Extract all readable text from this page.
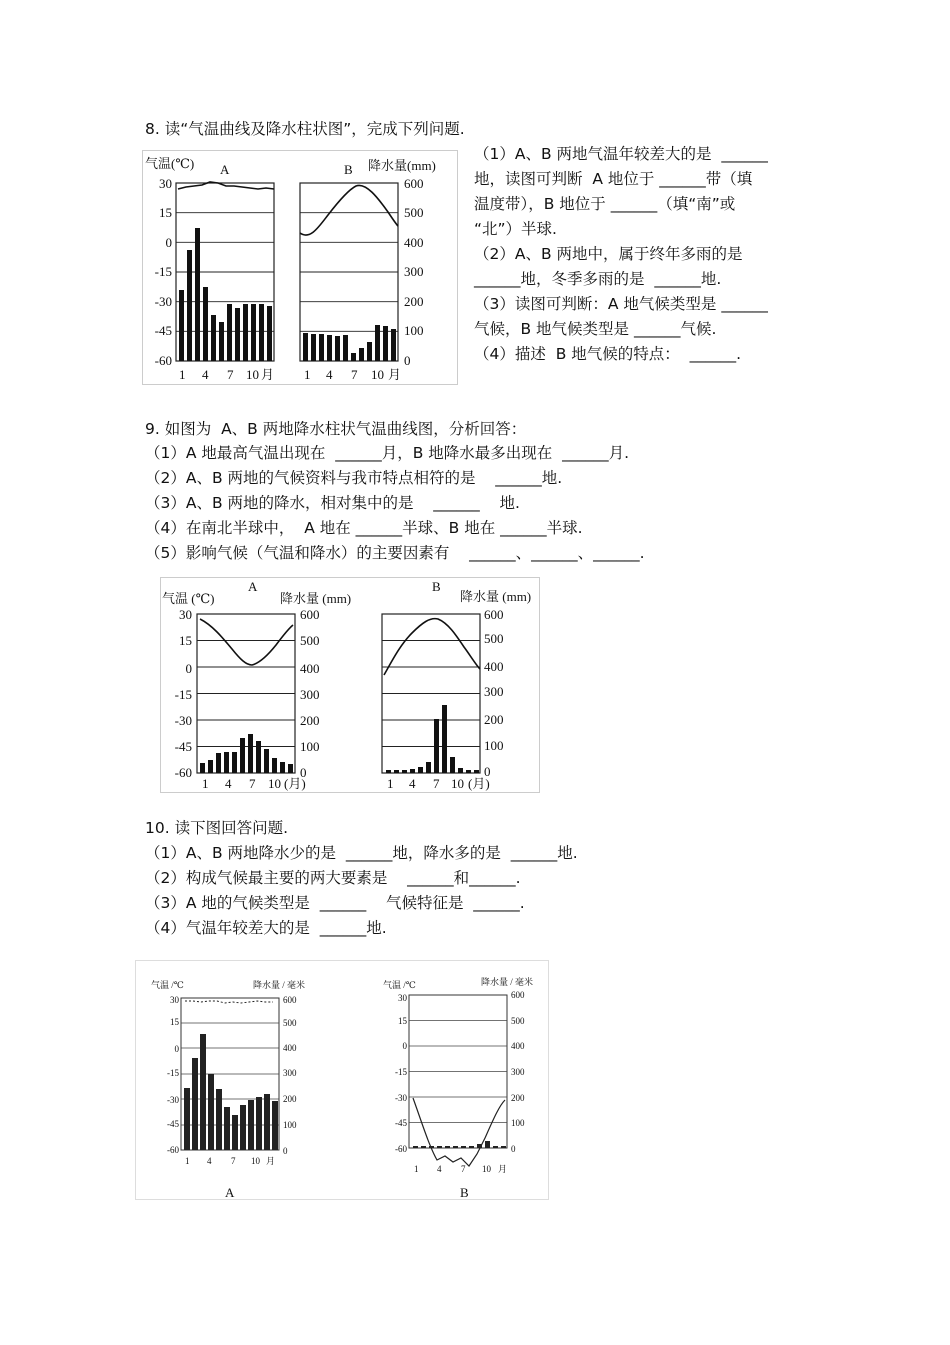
8. 读“气温曲线及降水柱状图”，完成下列问题.
（1）A、B 两地气温年较差大的是  ______
地，读图可判断  A 地位于 ______带（填
温度带），B 地位于 ______（填“南”或
“北”）半球.
（2）A、B 两地中，属于终年多雨的是
______地，冬季多雨的是  ______地.
（3）读图可判断：A 地气候类型是 ______
气候，B 地气候类型是 ______气候.
（4）描述  B 地气候的特点：  ______.
气温(℃) A	B 降水量(mm)
30
15
0
-15
-30
-45
-60
600
500
400
300
200
100
0
1 4 7 10 月 1 4 7 10 月
9. 如图为  A、B 两地降水柱状气温曲线图，分析回答：
（1）A 地最高气温出现在  ______月，B 地降水最多出现在  ______月.
（2）A、B 两地的气候资料与我市特点相符的是    ______地.
（3）A、B 两地的降水，相对集中的是    ______    地.
（4）在南北半球中，  A 地在 ______半球、B 地在 ______半球.
（5）影响气候（气温和降水）的主要因素有    ______、______、______.
气温 (℃)
A
降水量 (mm)
B
降水量 (mm)
30
15
0
-15
-30
-45
-60
600
500
400
300
200
100
0
600
500
400
300
200
100
0
1 4 7 10 (月)	1 4 7 10 (月)
10. 读下图回答问题.
（1）A、B 两地降水少的是  ______地，降水多的是  ______地.
（2）构成气候最主要的两大要素是    ______和______.
（3）A 地的气候类型是  ______    气候特征是  ______.
（4）气温年较差大的是  ______地.
气温 /℃	降水量 / 毫米
30
15
0
-15
-30
-45
-60
600
500
400
300
200
100
0
1 4 7 10 月
A
气温 /℃	降水量 / 毫米
30
15
0
-15
-30
-45
-60
600
500
400
300
200
100
0
1 4 7 10 月
B
